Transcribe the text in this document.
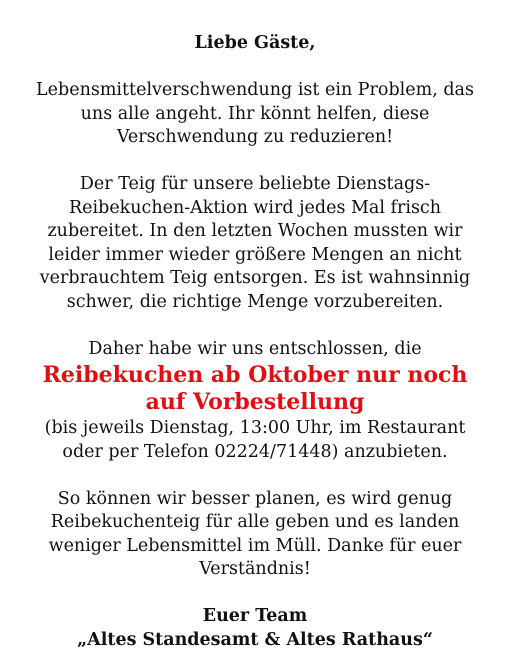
Liebe Gäste,

Lebensmittelverschwendung ist ein Problem, das uns alle angeht. Ihr könnt helfen, diese Verschwendung zu reduzieren!

Der Teig für unsere beliebte Dienstags-Reibekuchen-Aktion wird jedes Mal frisch zubereitet. In den letzten Wochen mussten wir leider immer wieder größere Mengen an nicht verbrauchtem Teig entsorgen. Es ist wahnsinnig schwer, die richtige Menge vorzubereiten.

Daher habe wir uns entschlossen, die

Reibekuchen ab Oktober nur noch auf Vorbestellung

(bis jeweils Dienstag, 13:00 Uhr, im Restaurant oder per Telefon 02224/71448) anzubieten.

So können wir besser planen, es wird genug Reibekuchenteig für alle geben und es landen weniger Lebensmittel im Müll. Danke für euer Verständnis!

Euer Team

„Altes Standesamt & Altes Rathaus“
